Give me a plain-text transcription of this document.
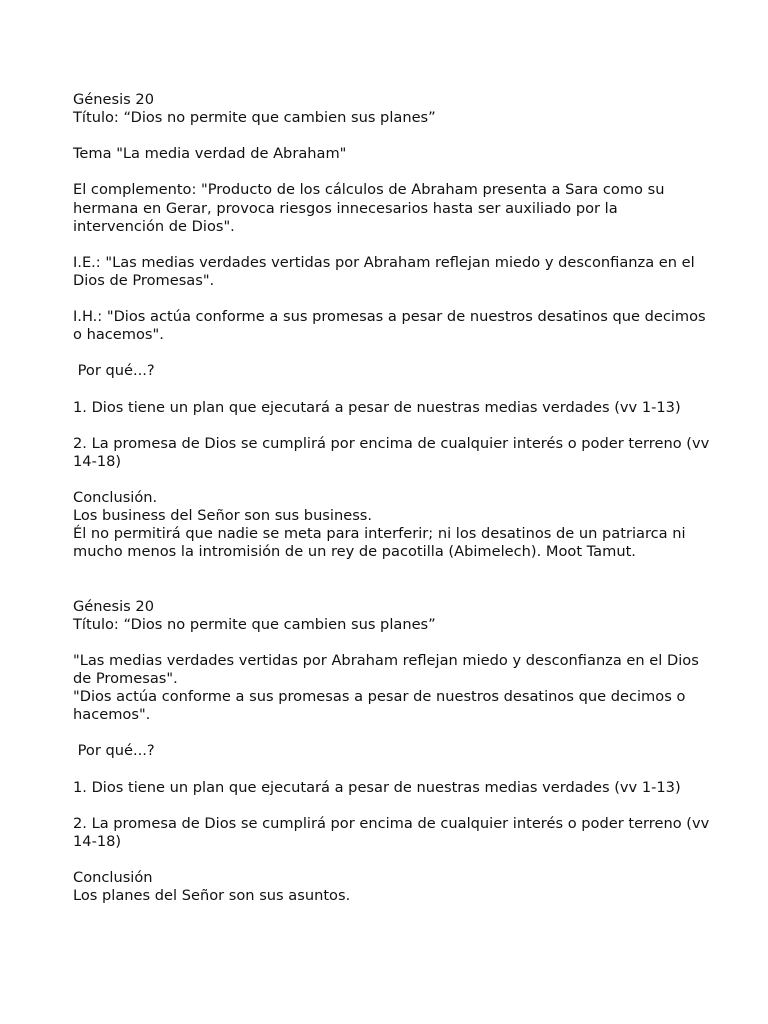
Génesis 20

Título: “Dios no permite que cambien sus planes”

Tema "La media verdad de Abraham"

El complemento: "Producto de los cálculos de Abraham presenta a Sara como su hermana en Gerar, provoca riesgos innecesarios hasta ser auxiliado por la intervención de Dios".

I.E.: "Las medias verdades vertidas por Abraham reflejan miedo y desconfianza en el Dios de Promesas".

I.H.: "Dios actúa conforme a sus promesas a pesar de nuestros desatinos que decimos o hacemos".

Por qué...?

1. Dios tiene un plan que ejecutará a pesar de nuestras medias verdades (vv 1-13)

2. La promesa de Dios se cumplirá por encima de cualquier interés o poder terreno (vv 14-18)

Conclusión.

Los business del Señor son sus business.

Él no permitirá que nadie se meta para interferir; ni los desatinos de un patriarca ni mucho menos la intromisión de un rey de pacotilla (Abimelech). Moot Tamut.

Génesis 20

Título: “Dios no permite que cambien sus planes”

"Las medias verdades vertidas por Abraham reflejan miedo y desconfianza en el Dios de Promesas".

"Dios actúa conforme a sus promesas a pesar de nuestros desatinos que decimos o hacemos".

Por qué...?

1. Dios tiene un plan que ejecutará a pesar de nuestras medias verdades (vv 1-13)

2. La promesa de Dios se cumplirá por encima de cualquier interés o poder terreno (vv 14-18)

Conclusión

Los planes del Señor son sus asuntos.
